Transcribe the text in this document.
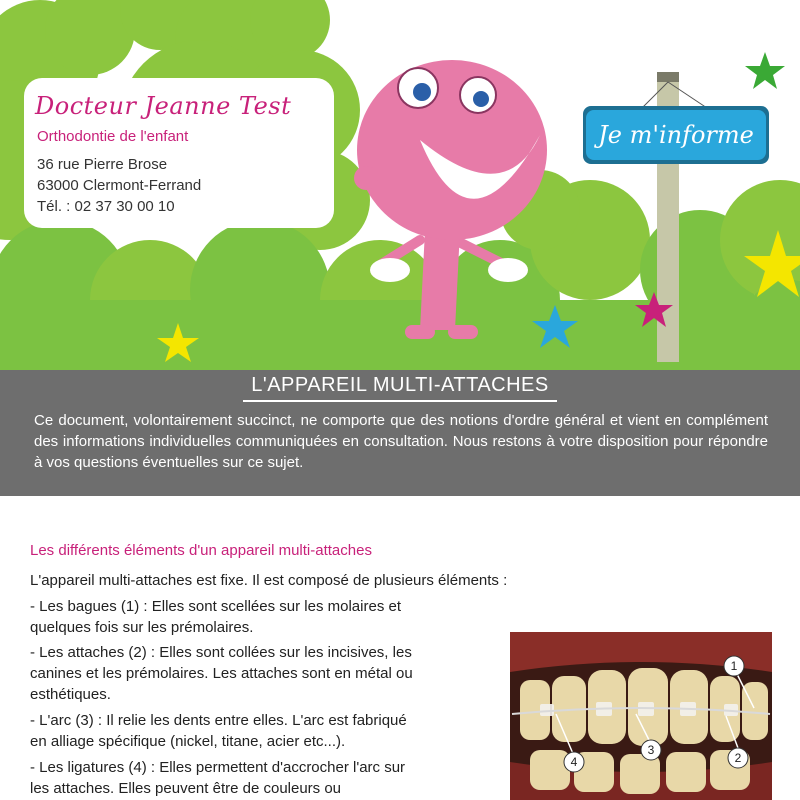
Docteur Jeanne Test
Orthodontie de l'enfant
36 rue Pierre Brose
63000 Clermont-Ferrand
Tél. : 02 37 30 00 10
Je m'informe
L'APPAREIL MULTI-ATTACHES
Ce document, volontairement succinct, ne comporte que des notions d'ordre général et vient en complément des informations individuelles communiquées en consultation. Nous restons à votre disposition pour répondre à vos questions éventuelles sur ce sujet.
Les différents éléments d'un appareil multi-attaches
L'appareil multi-attaches est fixe. Il est composé de plusieurs éléments :
- Les bagues (1) : Elles sont scellées sur les molaires et quelques fois sur les prémolaires.
- Les attaches (2) : Elles sont collées sur les incisives, les canines et les prémolaires. Les attaches sont en métal ou esthétiques.
- L'arc (3) : Il relie les dents entre elles. L'arc est fabriqué en alliage spécifique (nickel, titane, acier etc...).
- Les ligatures (4) : Elles permettent d'accrocher l'arc sur les attaches. Elles peuvent être de couleurs ou
1
2
3
4
